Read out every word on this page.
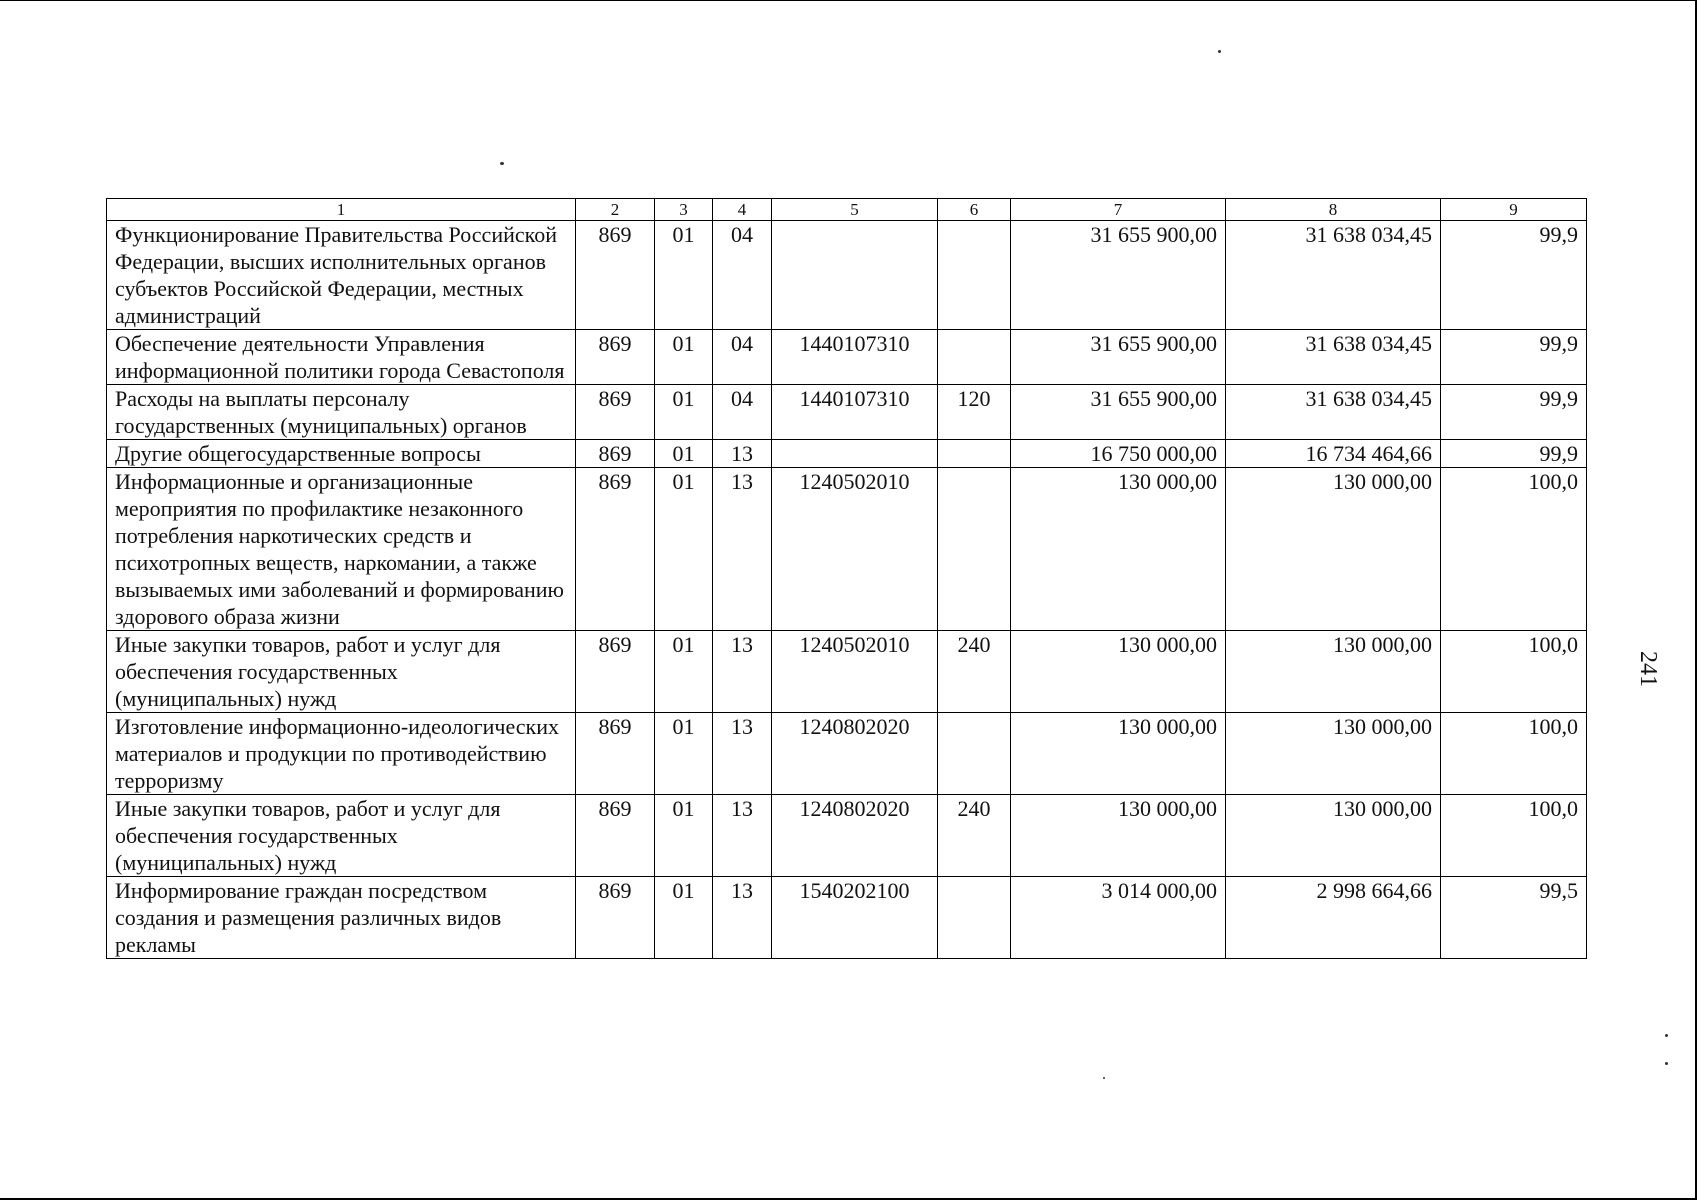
241
1	2	3	4	5	6	7	8	9
Функционирование Правительства Российской Федерации, высших исполнительных органов субъектов Российской Федерации, местных администраций	869	01	04			31 655 900,00	31 638 034,45	99,9
Обеспечение деятельности Управления информационной политики города Севастополя	869	01	04	1440107310		31 655 900,00	31 638 034,45	99,9
Расходы на выплаты персоналу государственных (муниципальных) органов	869	01	04	1440107310	120	31 655 900,00	31 638 034,45	99,9
Другие общегосударственные вопросы	869	01	13			16 750 000,00	16 734 464,66	99,9
Информационные и организационные мероприятия по профилактике незаконного потребления наркотических средств и психотропных веществ, наркомании, а также вызываемых ими заболеваний и формированию здорового образа жизни	869	01	13	1240502010		130 000,00	130 000,00	100,0
Иные закупки товаров, работ и услуг для обеспечения государственных (муниципальных) нужд	869	01	13	1240502010	240	130 000,00	130 000,00	100,0
Изготовление информационно-идеологических материалов и продукции по противодействию терроризму	869	01	13	1240802020		130 000,00	130 000,00	100,0
Иные закупки товаров, работ и услуг для обеспечения государственных (муниципальных) нужд	869	01	13	1240802020	240	130 000,00	130 000,00	100,0
Информирование граждан посредством создания и размещения различных видов рекламы	869	01	13	1540202100		3 014 000,00	2 998 664,66	99,5
